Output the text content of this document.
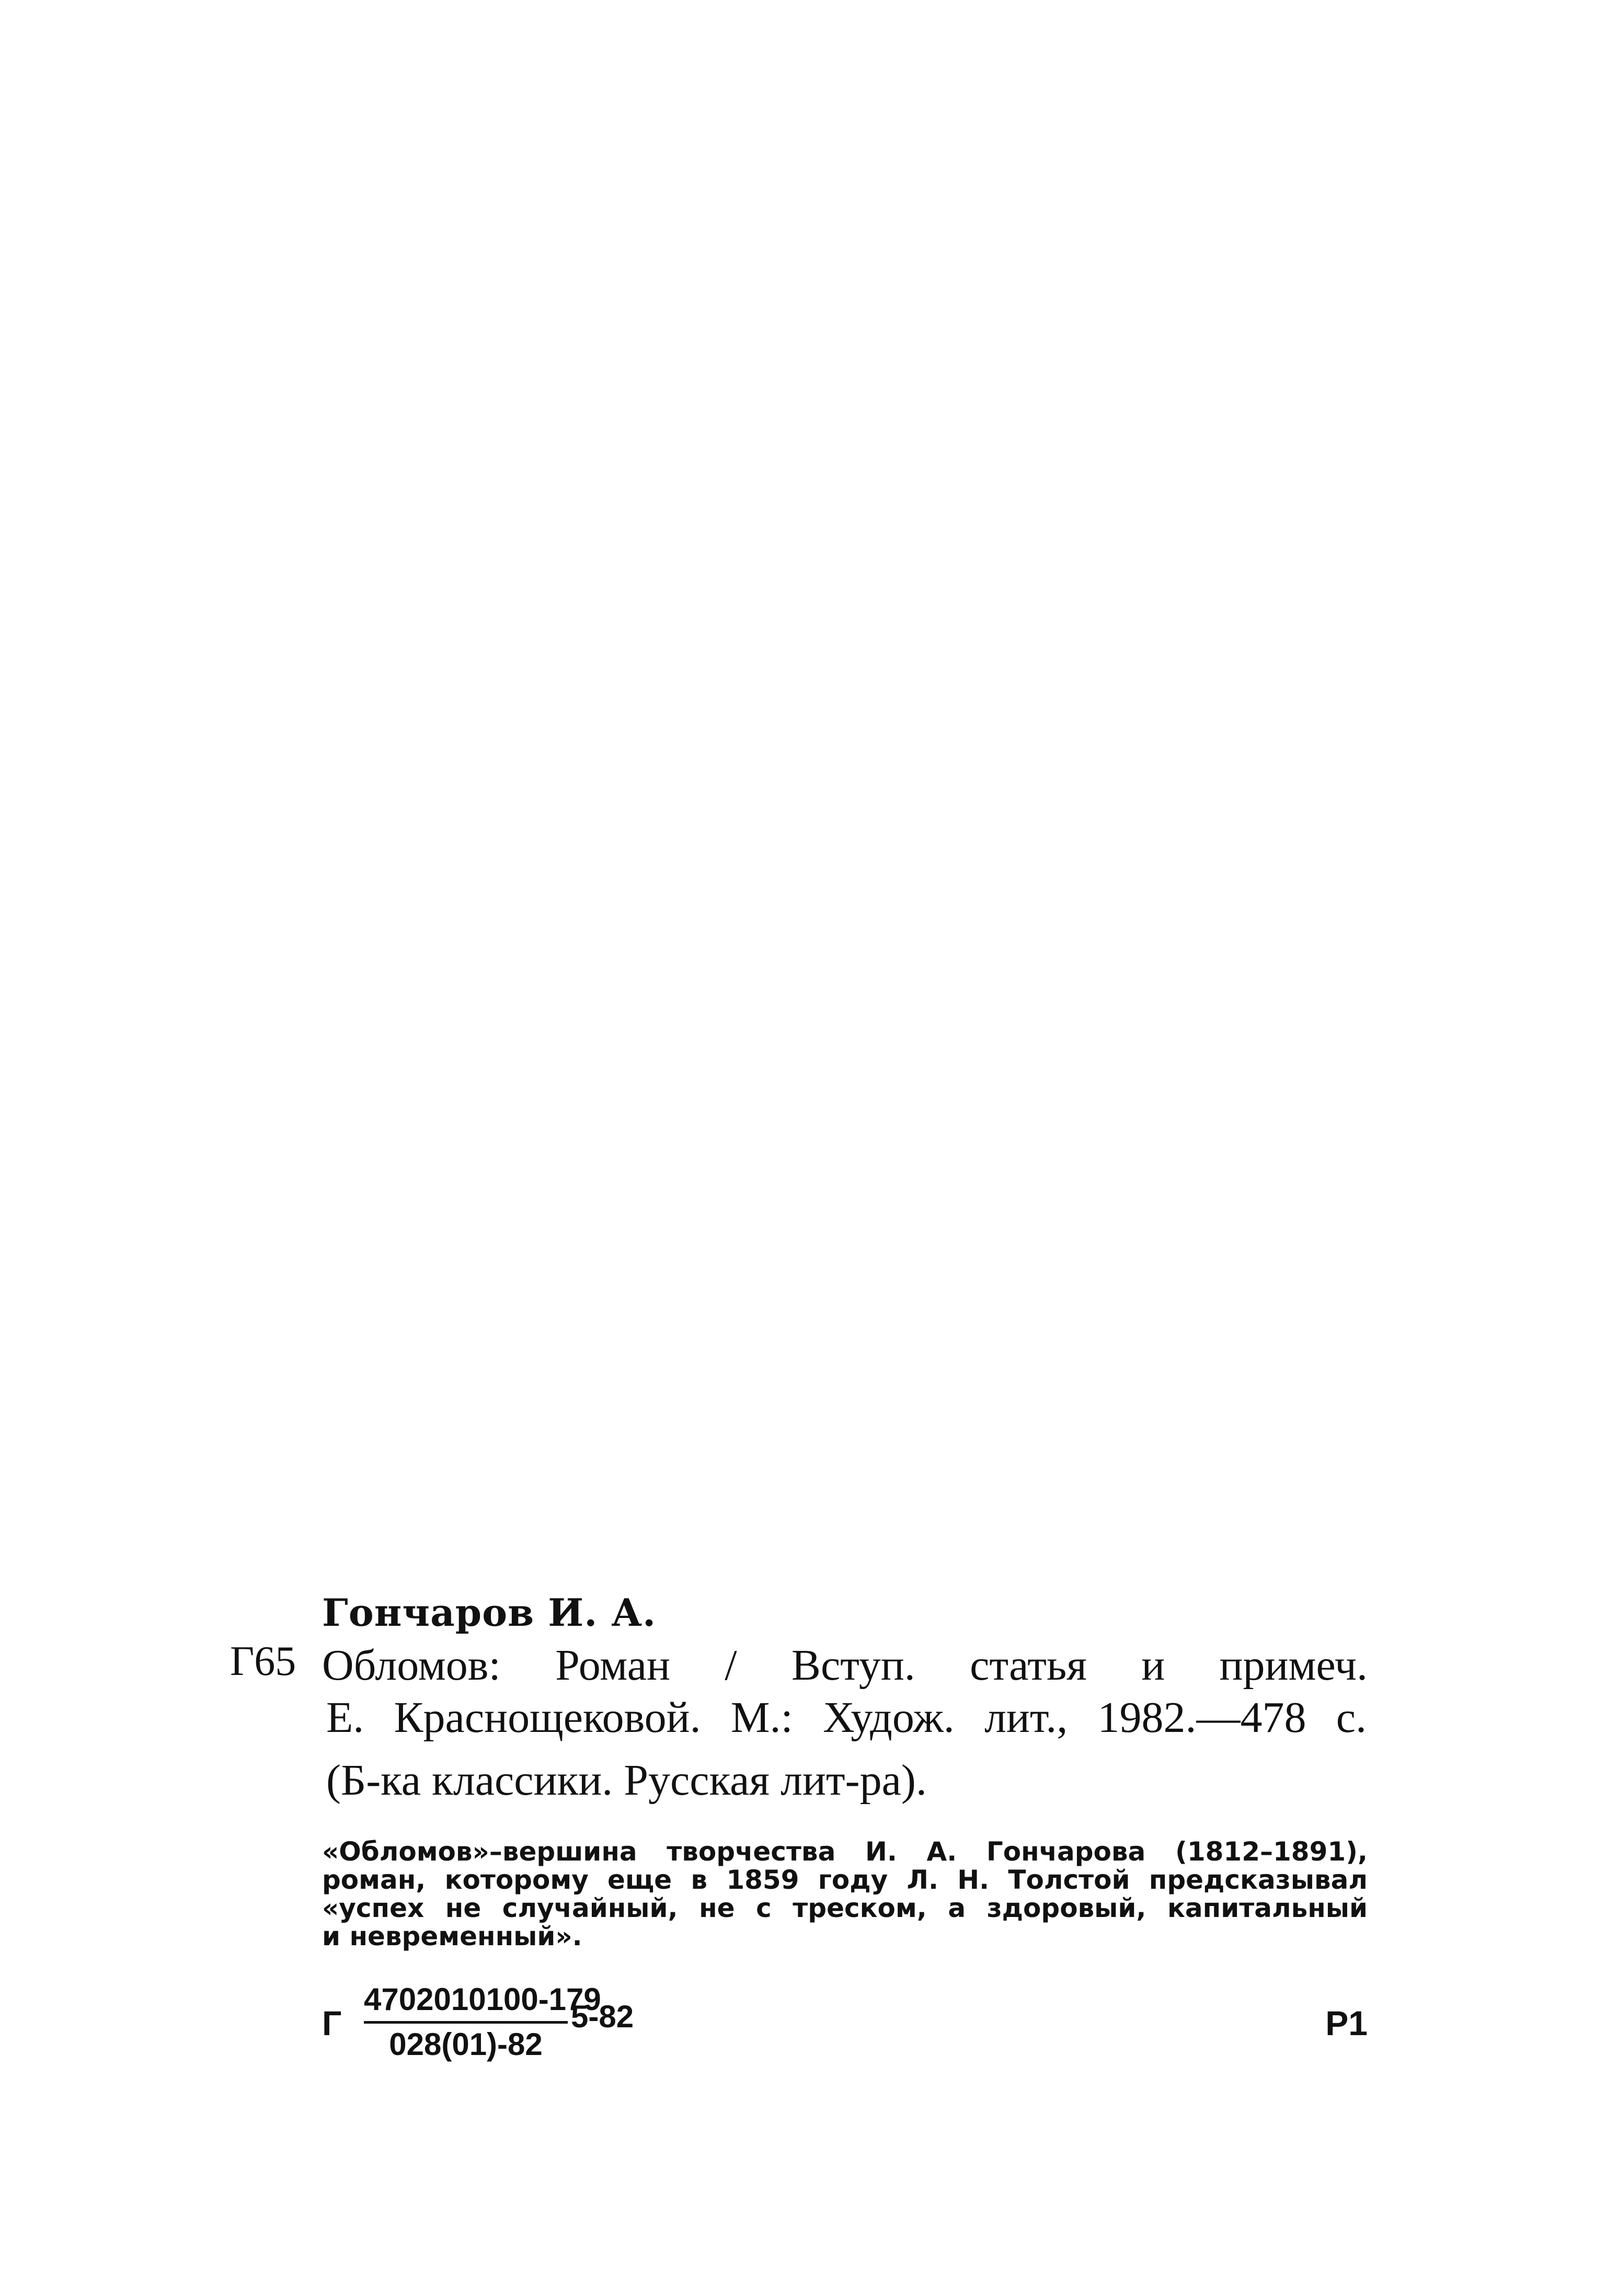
Гончаров И. А.
Г65 Обломов: Роман / Вступ. статья и примеч.
Е. Краснощековой. М.: Худож. лит., 1982.—478 с.
(Б-ка классики. Русская лит-ра).
«Обломов»–вершина творчества И. А. Гончарова (1812–1891),
роман, которому еще в 1859 году Л. Н. Толстой предсказывал
«успех не случайный, не с треском, а здоровый, капитальный
и невременный».
Г
4702010100-179
028(01)-82
5-82	Р1
